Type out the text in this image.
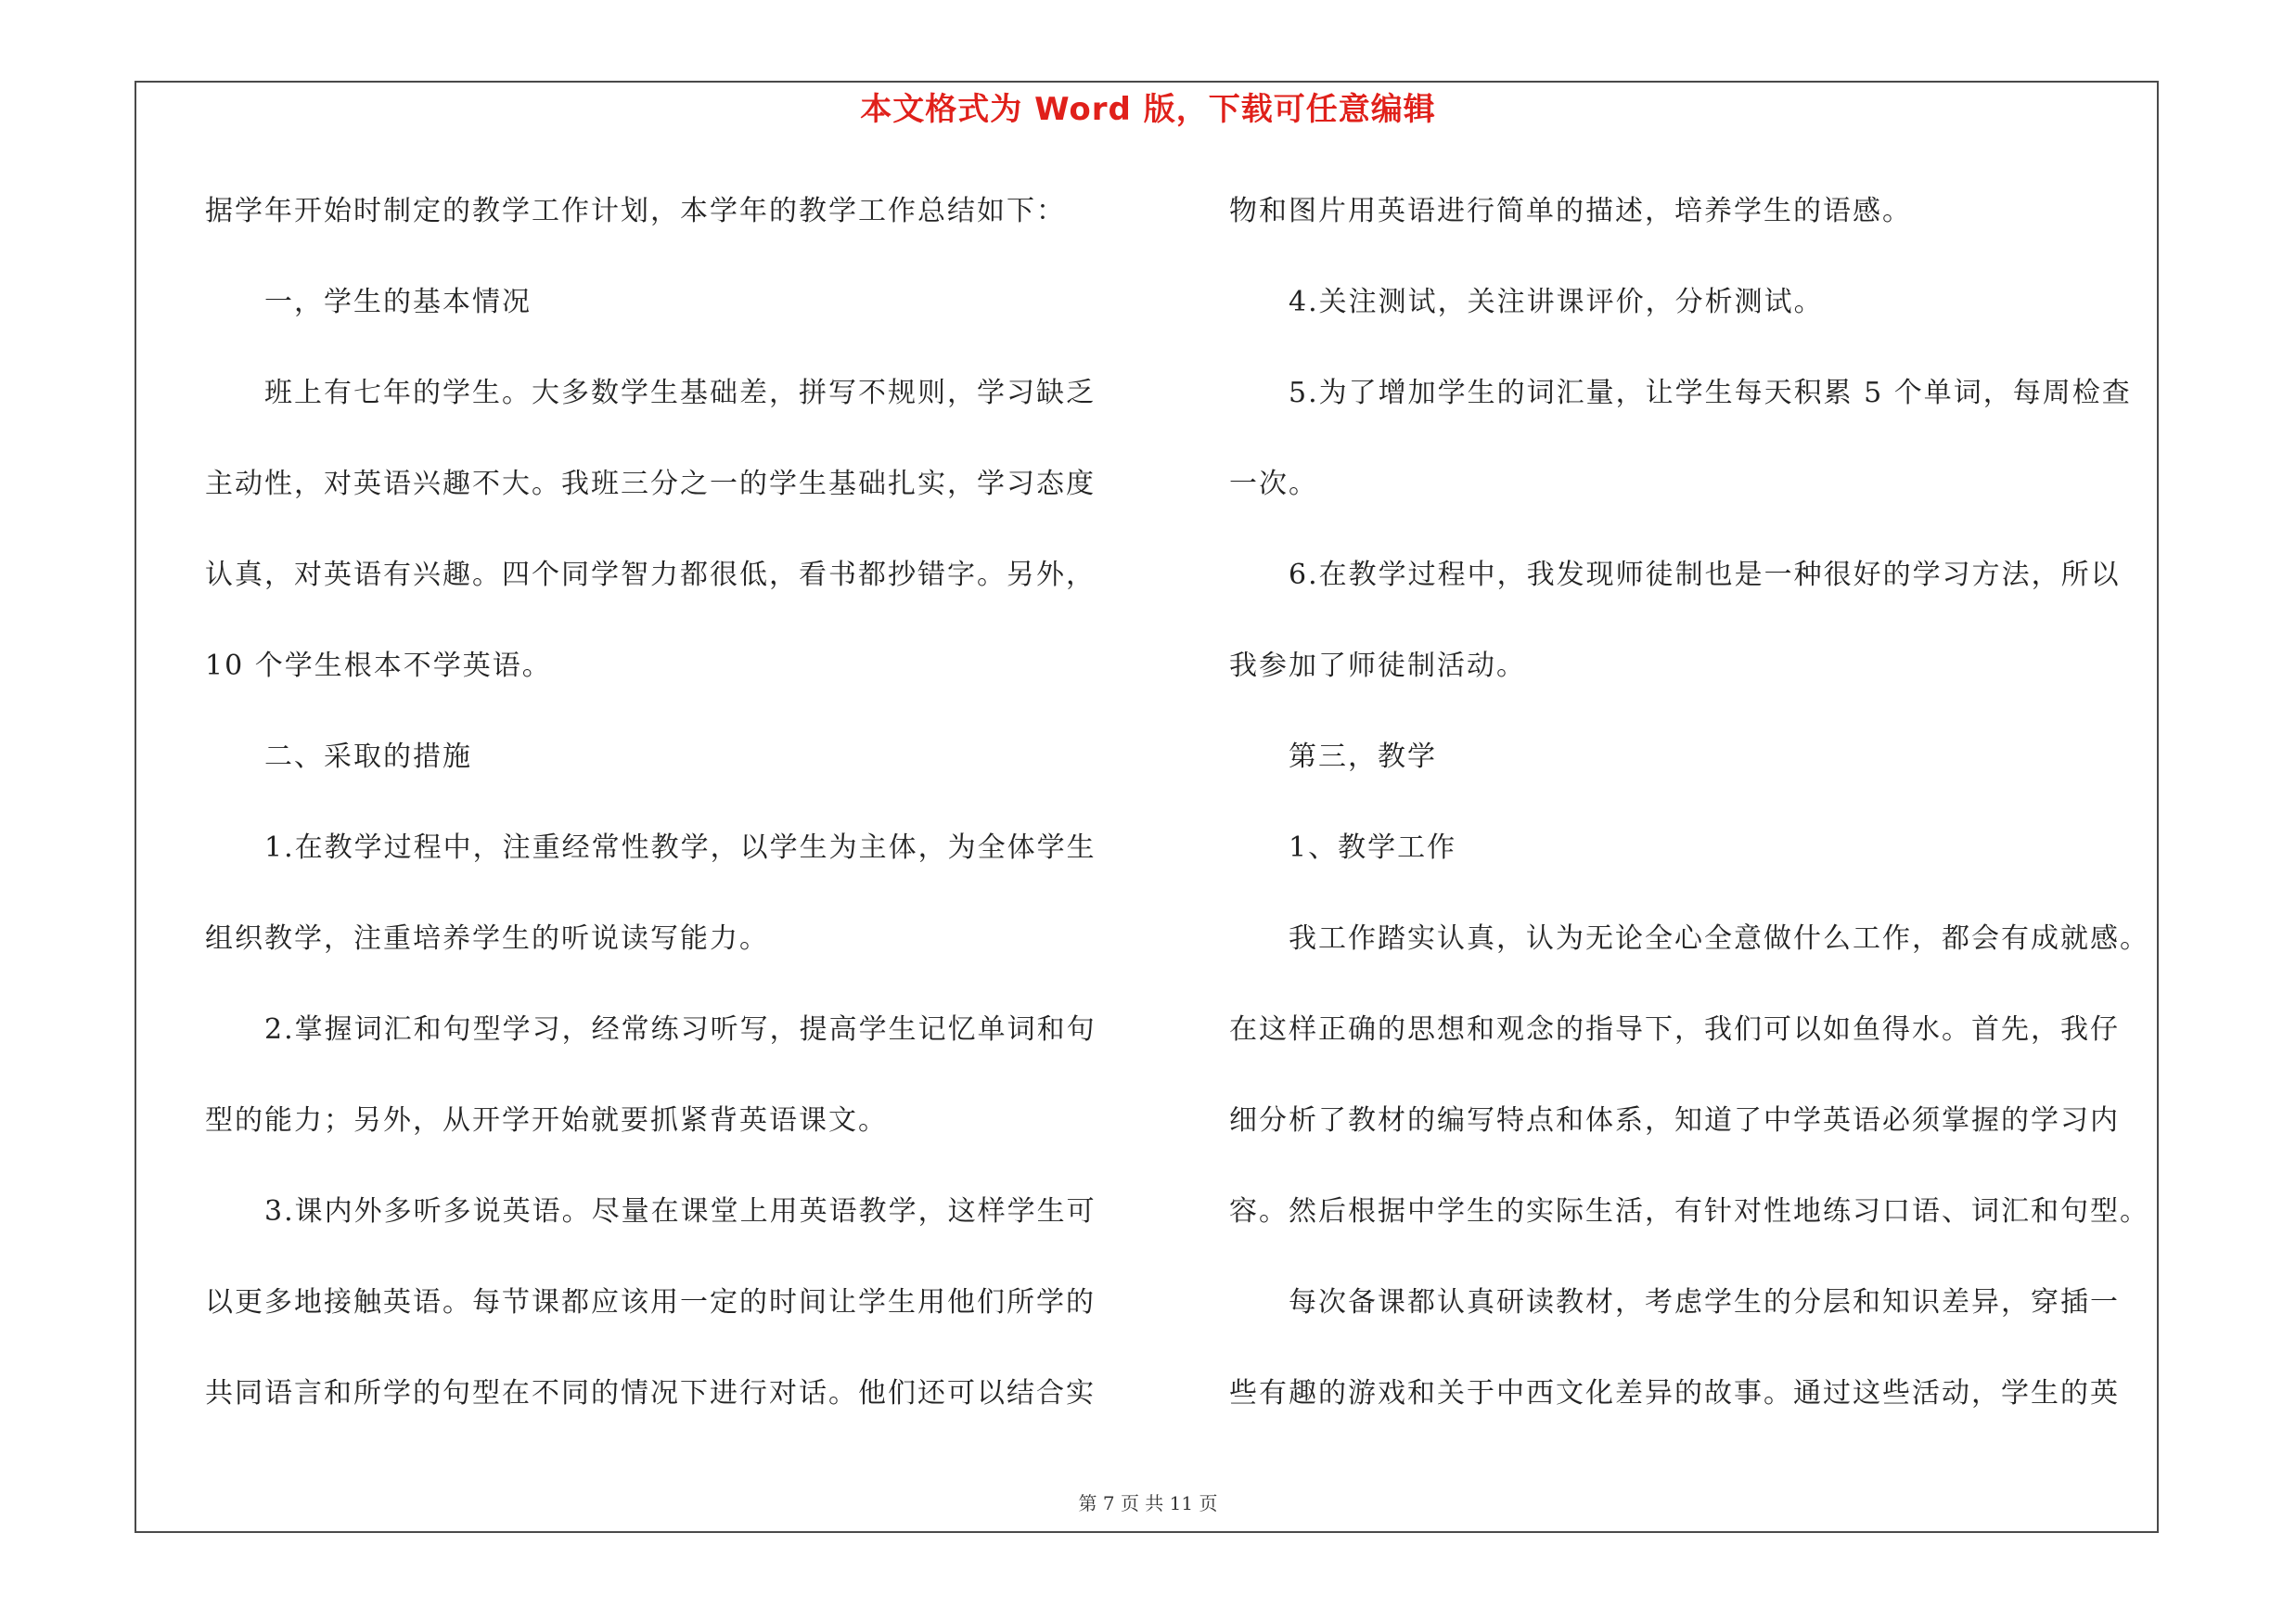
本文格式为 Word 版，下载可任意编辑
据学年开始时制定的教学工作计划，本学年的教学工作总结如下：
一，学生的基本情况
班上有七年的学生。大多数学生基础差，拼写不规则，学习缺乏
主动性，对英语兴趣不大。我班三分之一的学生基础扎实，学习态度
认真，对英语有兴趣。四个同学智力都很低，看书都抄错字。另外，
10 个学生根本不学英语。
二、采取的措施
1.在教学过程中，注重经常性教学，以学生为主体，为全体学生
组织教学，注重培养学生的听说读写能力。
2.掌握词汇和句型学习，经常练习听写，提高学生记忆单词和句
型的能力；另外，从开学开始就要抓紧背英语课文。
3.课内外多听多说英语。尽量在课堂上用英语教学，这样学生可
以更多地接触英语。每节课都应该用一定的时间让学生用他们所学的
共同语言和所学的句型在不同的情况下进行对话。他们还可以结合实
物和图片用英语进行简单的描述，培养学生的语感。
4.关注测试，关注讲课评价，分析测试。
5.为了增加学生的词汇量，让学生每天积累 5 个单词，每周检查
一次。
6.在教学过程中，我发现师徒制也是一种很好的学习方法，所以
我参加了师徒制活动。
第三，教学
1、教学工作
我工作踏实认真，认为无论全心全意做什么工作，都会有成就感。
在这样正确的思想和观念的指导下，我们可以如鱼得水。首先，我仔
细分析了教材的编写特点和体系，知道了中学英语必须掌握的学习内
容。然后根据中学生的实际生活，有针对性地练习口语、词汇和句型。
每次备课都认真研读教材，考虑学生的分层和知识差异，穿插一
些有趣的游戏和关于中西文化差异的故事。通过这些活动，学生的英
第 7 页 共 11 页
